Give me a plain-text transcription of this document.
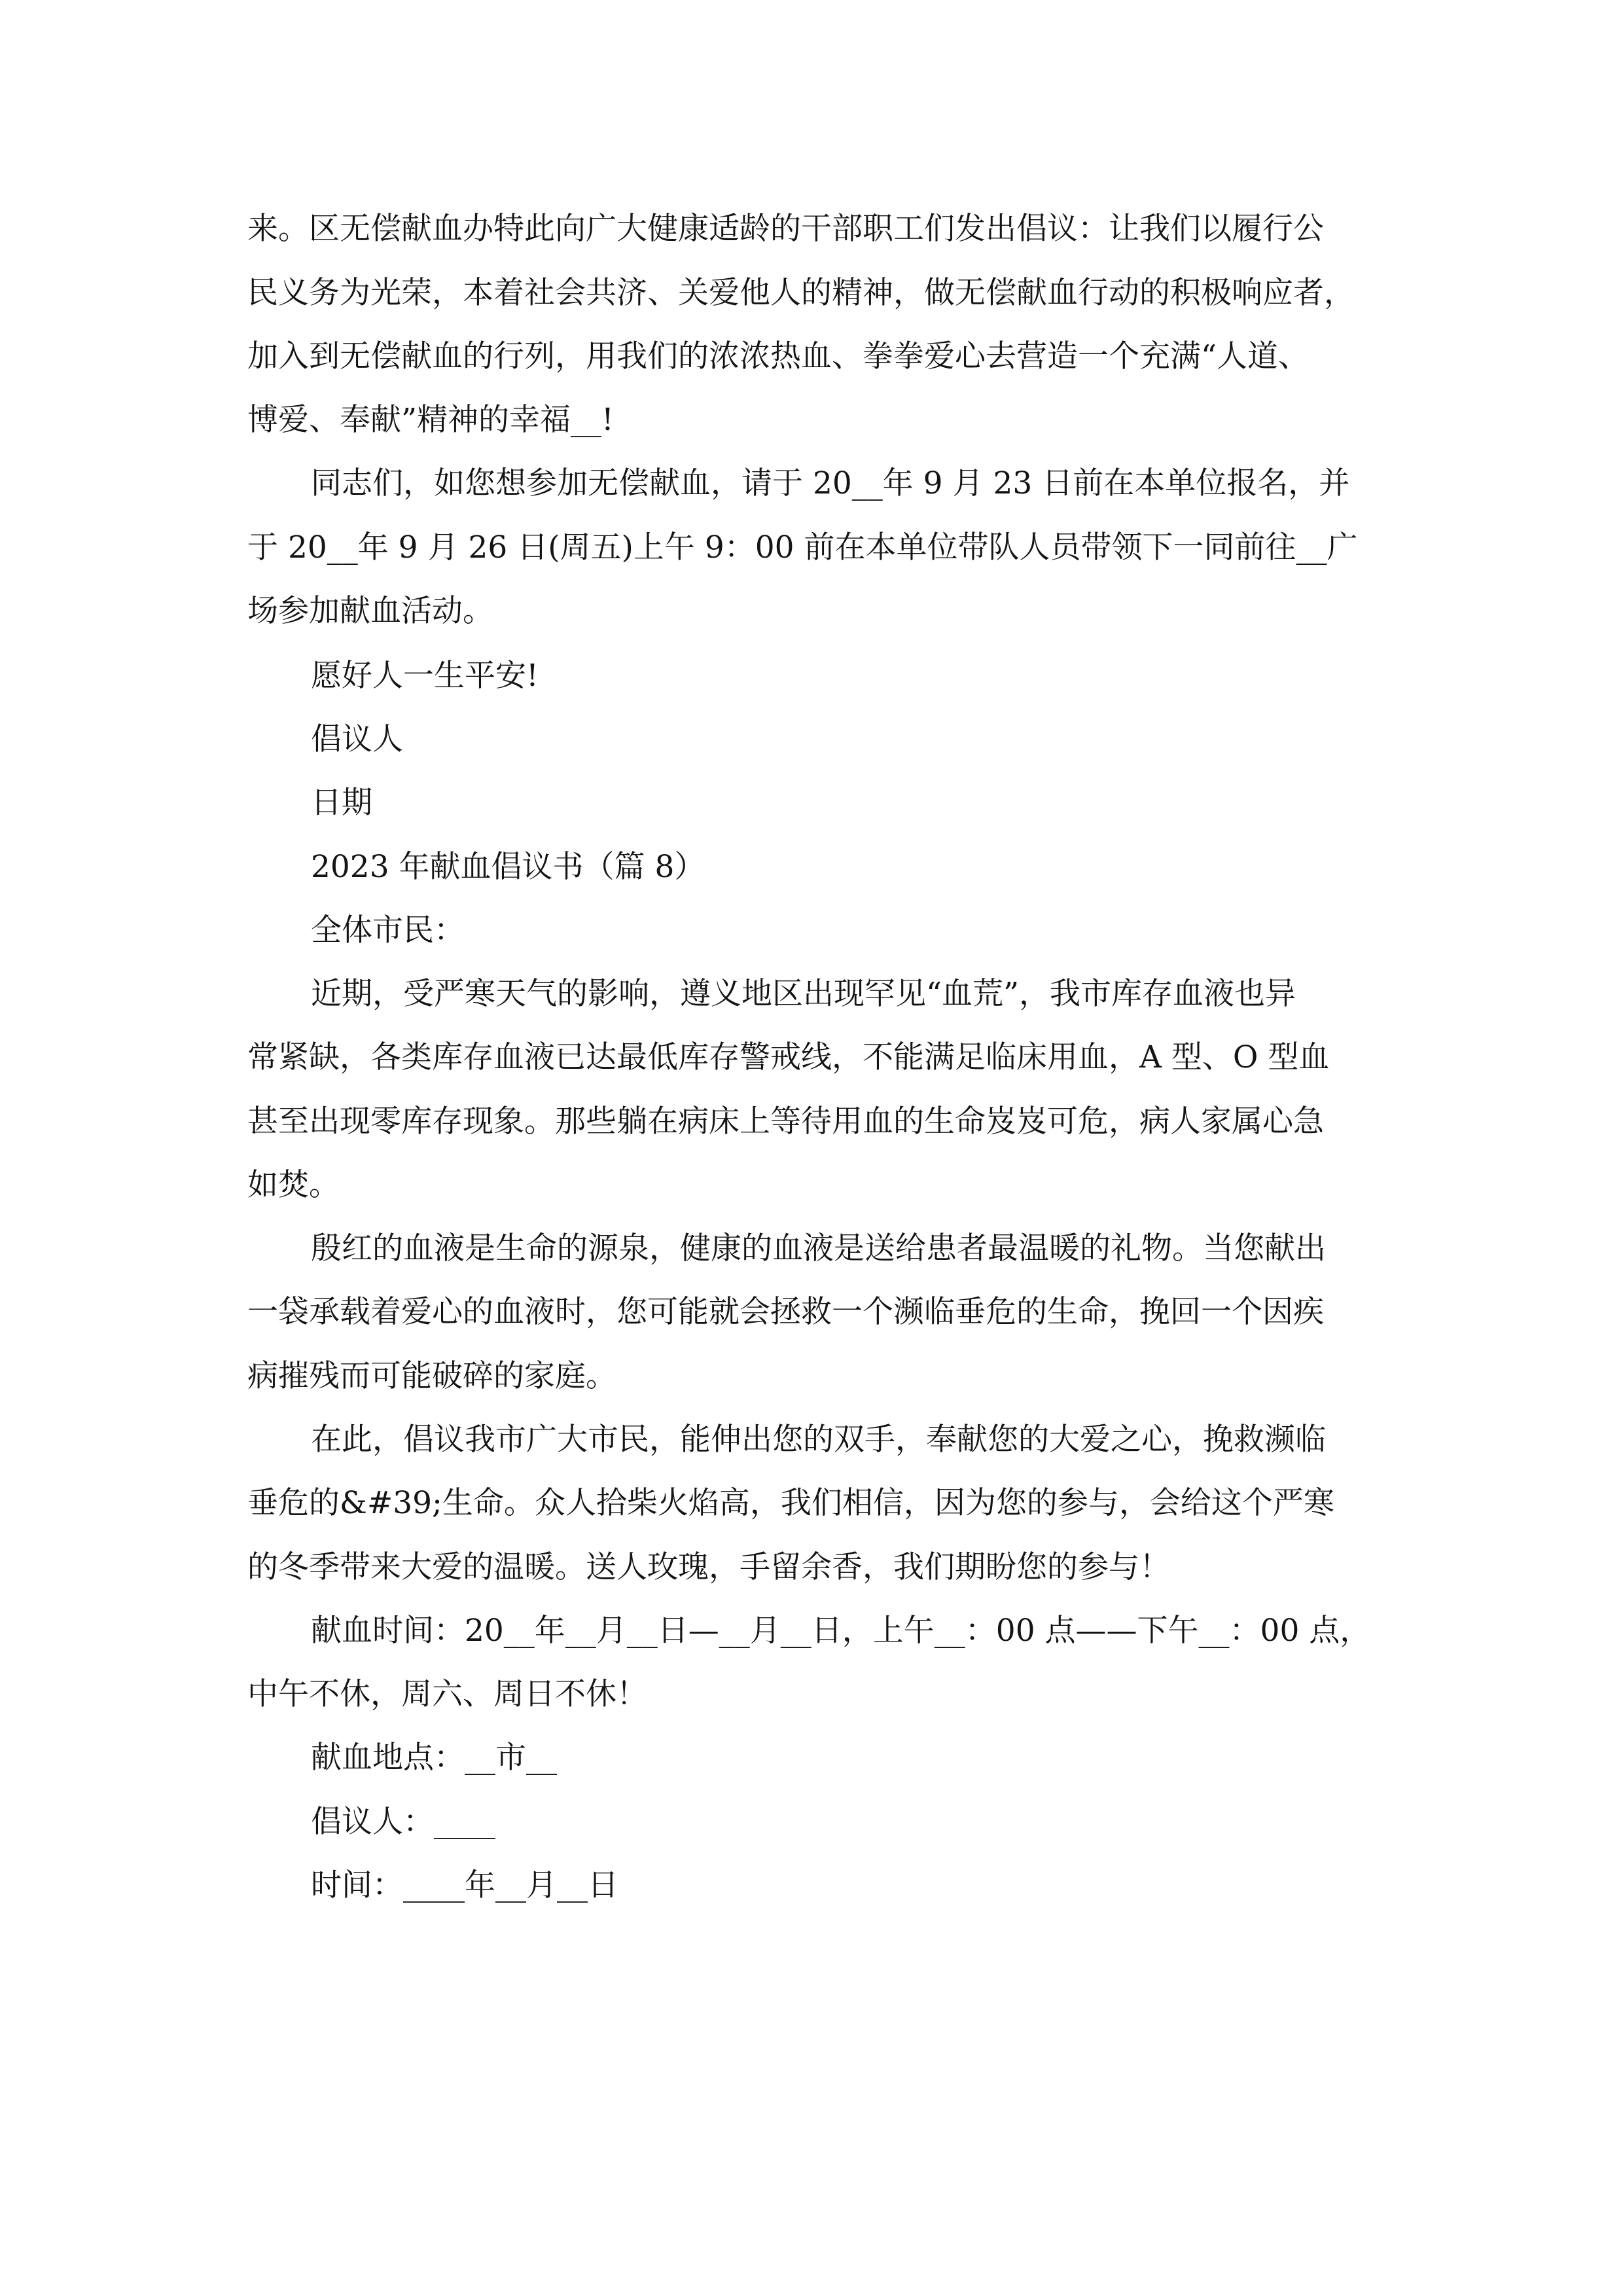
来。区无偿献血办特此向广大健康适龄的干部职工们发出倡议：让我们以履行公

民义务为光荣，本着社会共济、关爱他人的精神，做无偿献血行动的积极响应者，

加入到无偿献血的行列，用我们的浓浓热血、拳拳爱心去营造一个充满“人道、

博爱、奉献”精神的幸福__!

同志们，如您想参加无偿献血，请于 20__年 9 月 23 日前在本单位报名，并

于 20__年 9 月 26 日(周五)上午 9：00 前在本单位带队人员带领下一同前往__广

场参加献血活动。

愿好人一生平安!

倡议人

日期

2023 年献血倡议书（篇 8）

全体市民：

近期，受严寒天气的影响，遵义地区出现罕见“血荒”，我市库存血液也异

常紧缺，各类库存血液已达最低库存警戒线，不能满足临床用血，A 型、O 型血

甚至出现零库存现象。那些躺在病床上等待用血的生命岌岌可危，病人家属心急

如焚。

殷红的血液是生命的源泉，健康的血液是送给患者最温暖的礼物。当您献出

一袋承载着爱心的血液时，您可能就会拯救一个濒临垂危的生命，挽回一个因疾

病摧残而可能破碎的家庭。

在此，倡议我市广大市民，能伸出您的双手，奉献您的大爱之心，挽救濒临

垂危的&#39;生命。众人拾柴火焰高，我们相信，因为您的参与，会给这个严寒

的冬季带来大爱的温暖。送人玫瑰，手留余香，我们期盼您的参与！

献血时间：20__年__月__日—__月__日，上午__：00 点——下午__：00 点，

中午不休，周六、周日不休！

献血地点：__市__

倡议人：____

时间：____年__月__日
